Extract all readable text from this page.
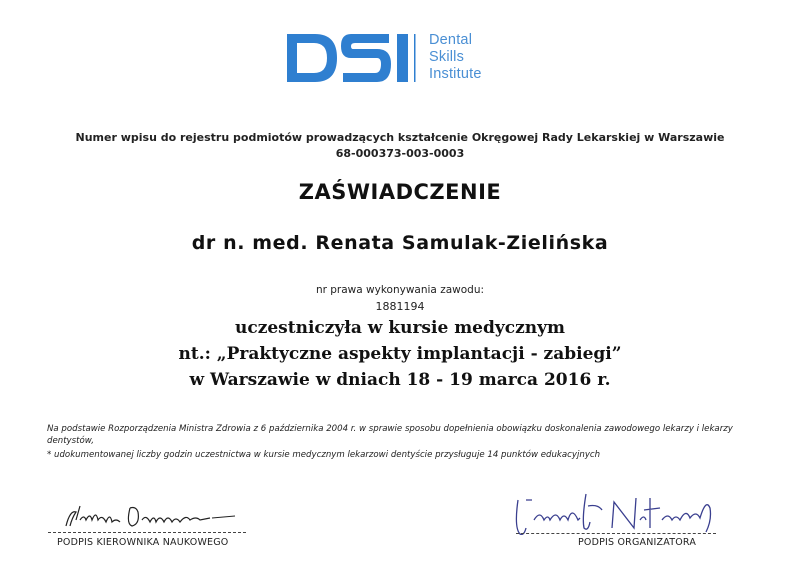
Dental
Skills
Institute
Numer wpisu do rejestru podmiotów prowadzących kształcenie Okręgowej Rady Lekarskiej w Warszawie
68-000373-003-0003
ZAŚWIADCZENIE
dr n. med. Renata Samulak-Zielińska
nr prawa wykonywania zawodu:
1881194
uczestniczyła w kursie medycznym
nt.: „Praktyczne aspekty implantacji - zabiegi”
w Warszawie w dniach 18 - 19 marca 2016 r.
Na podstawie Rozporządzenia Ministra Zdrowia z 6 października 2004 r. w sprawie sposobu dopełnienia obowiązku doskonalenia zawodowego lekarzy i lekarzy dentystów,
* udokumentowanej liczby godzin uczestnictwa w kursie medycznym lekarzowi dentyście przysługuje 14 punktów edukacyjnych
PODPIS KIEROWNIKA NAUKOWEGO	PODPIS ORGANIZATORA
